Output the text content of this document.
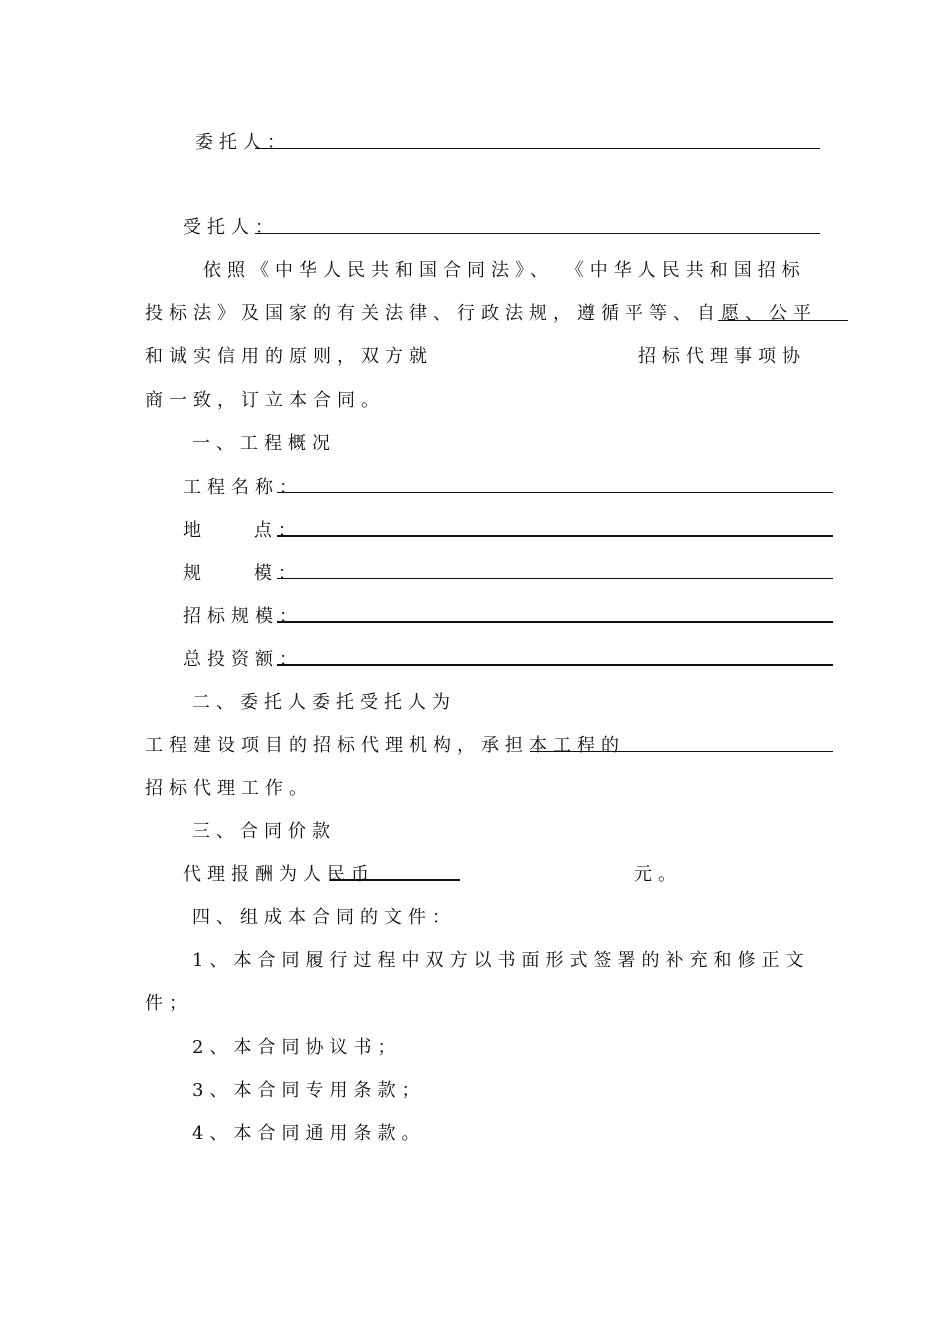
委托人：
受托人：
依照《中华人民共和国合同法》、 《中华人民共和国招标
投标法》及国家的有关法律、行政法规，遵循平等、自愿、公平
和诚实信用的原则，双方就	招标代理事项协
商一致，订立本合同。
一、工程概况
工程名称：
地    点：
规    模：
招标规模：
总投资额：
二、委托人委托受托人为
工程建设项目的招标代理机构，承担本工程的
招标代理工作。
三、合同价款
代理报酬为人民币	元。
四、组成本合同的文件：
1、本合同履行过程中双方以书面形式签署的补充和修正文
件；
2、本合同协议书；
3、本合同专用条款；
4、本合同通用条款。
